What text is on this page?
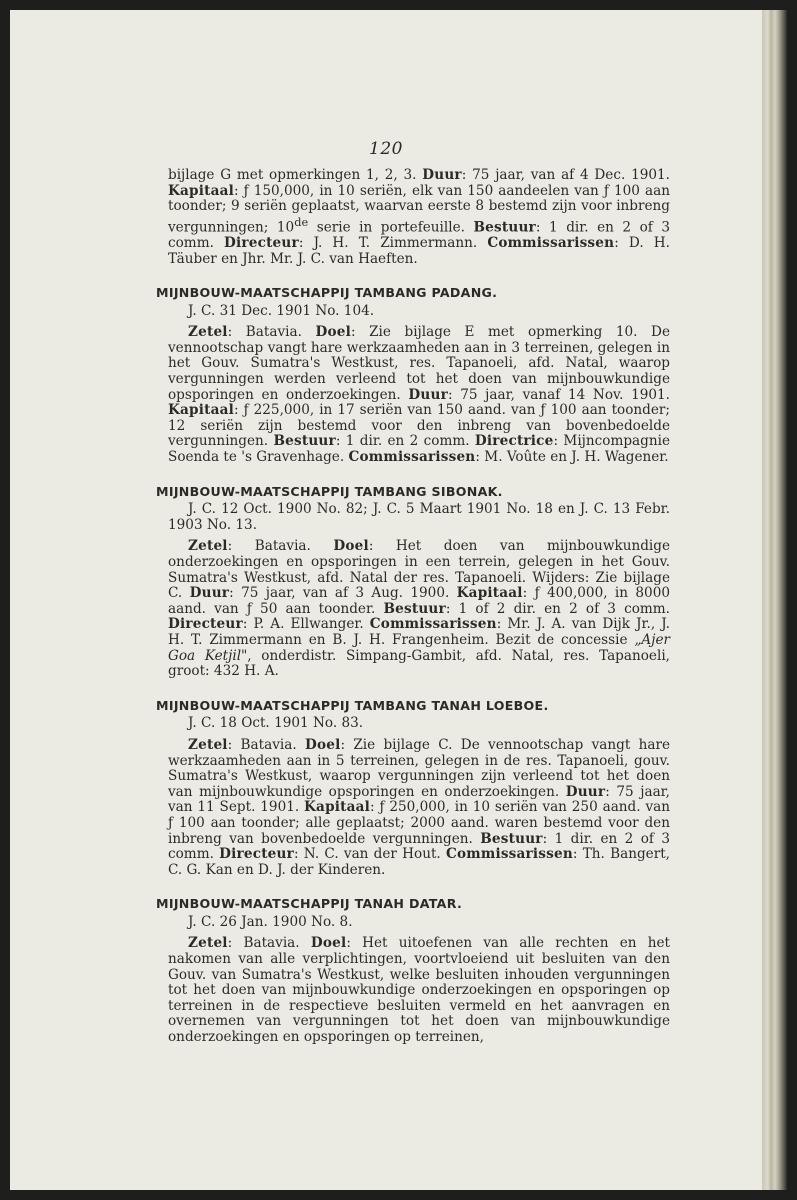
120

bijlage G met opmerkingen 1, 2, 3. Duur: 75 jaar, van af 4 Dec. 1901. Kapitaal: ƒ 150,000, in 10 seriën, elk van 150 aandeelen van ƒ 100 aan toonder; 9 seriën geplaatst, waarvan eerste 8 bestemd zijn voor inbreng vergunningen; 10de serie in portefeuille. Bestuur: 1 dir. en 2 of 3 comm. Directeur: J. H. T. Zimmermann. Commissarissen: D. H. Täuber en Jhr. Mr. J. C. van Haeften.

MIJNBOUW-MAATSCHAPPIJ TAMBANG PADANG.

J. C. 31 Dec. 1901 No. 104.

Zetel: Batavia. Doel: Zie bijlage E met opmerking 10. De vennootschap vangt hare werkzaamheden aan in 3 terreinen, gelegen in het Gouv. Sumatra's Westkust, res. Tapanoeli, afd. Natal, waarop vergunningen werden verleend tot het doen van mijnbouwkundige opsporingen en onderzoekingen. Duur: 75 jaar, vanaf 14 Nov. 1901. Kapitaal: ƒ 225,000, in 17 seriën van 150 aand. van ƒ 100 aan toonder; 12 seriën zijn bestemd voor den inbreng van bovenbedoelde vergunningen. Bestuur: 1 dir. en 2 comm. Directrice: Mijncompagnie Soenda te 's Gravenhage. Commissarissen: M. Voûte en J. H. Wagener.

MIJNBOUW-MAATSCHAPPIJ TAMBANG SIBONAK.

J. C. 12 Oct. 1900 No. 82; J. C. 5 Maart 1901 No. 18 en J. C. 13 Febr. 1903 No. 13.

Zetel: Batavia. Doel: Het doen van mijnbouwkundige onderzoekingen en opsporingen in een terrein, gelegen in het Gouv. Sumatra's Westkust, afd. Natal der res. Tapanoeli. Wijders: Zie bijlage C. Duur: 75 jaar, van af 3 Aug. 1900. Kapitaal: ƒ 400,000, in 8000 aand. van ƒ 50 aan toonder. Bestuur: 1 of 2 dir. en 2 of 3 comm. Directeur: P. A. Ellwanger. Commissarissen: Mr. J. A. van Dijk Jr., J. H. T. Zimmermann en B. J. H. Frangenheim. Bezit de concessie „Ajer Goa Ketjil", onderdistr. Simpang-Gambit, afd. Natal, res. Tapanoeli, groot: 432 H. A.

MIJNBOUW-MAATSCHAPPIJ TAMBANG TANAH LOEBOE.

J. C. 18 Oct. 1901 No. 83.

Zetel: Batavia. Doel: Zie bijlage C. De vennootschap vangt hare werkzaamheden aan in 5 terreinen, gelegen in de res. Tapanoeli, gouv. Sumatra's Westkust, waarop vergunningen zijn verleend tot het doen van mijnbouwkundige opsporingen en onderzoekingen. Duur: 75 jaar, van 11 Sept. 1901. Kapitaal: ƒ 250,000, in 10 seriën van 250 aand. van ƒ 100 aan toonder; alle geplaatst; 2000 aand. waren bestemd voor den inbreng van bovenbedoelde vergunningen. Bestuur: 1 dir. en 2 of 3 comm. Directeur: N. C. van der Hout. Commissarissen: Th. Bangert, C. G. Kan en D. J. der Kinderen.

MIJNBOUW-MAATSCHAPPIJ TANAH DATAR.

J. C. 26 Jan. 1900 No. 8.

Zetel: Batavia. Doel: Het uitoefenen van alle rechten en het nakomen van alle verplichtingen, voortvloeiend uit besluiten van den Gouv. van Sumatra's Westkust, welke besluiten inhouden vergunningen tot het doen van mijnbouwkundige onderzoekingen en opsporingen op terreinen in de respectieve besluiten vermeld en het aanvragen en overnemen van vergunningen tot het doen van mijnbouwkundige onderzoekingen en opsporingen op terreinen,
